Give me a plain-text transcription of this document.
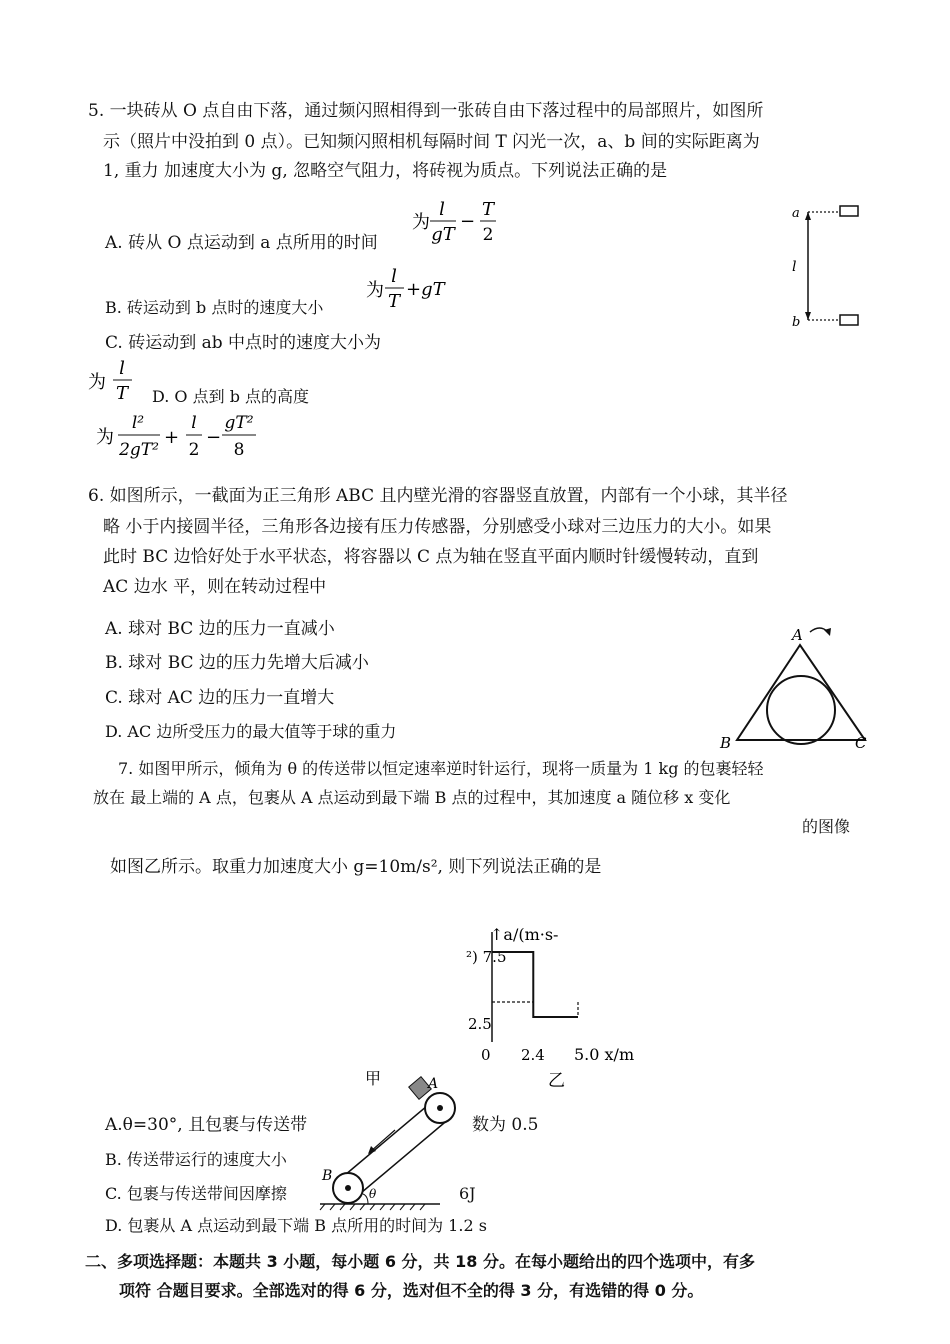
5. 一块砖从 O 点自由下落，通过频闪照相得到一张砖自由下落过程中的局部照片，如图所
示（照片中没拍到 0 点）。已知频闪照相机每隔时间 T 闪光一次，a、b 间的实际距离为
1, 重力 加速度大小为 g, 忽略空气阻力，将砖视为质点。下列说法正确的是
A. 砖从 O 点运动到 a 点所用的时间
为
l
gT
−
T
2
B. 砖运动到 b 点时的速度大小
为
l
T
+gT
C. 砖运动到 ab 中点时的速度大小为
为
l
T D. O 点到 b 点的高度
为
l²
2gT²
+
l
2
−
gT²
8
a
b
l
6. 如图所示，一截面为正三角形 ABC 且内壁光滑的容器竖直放置，内部有一个小球，其半径
略 小于内接圆半径，三角形各边接有压力传感器，分别感受小球对三边压力的大小。如果
此时 BC 边恰好处于水平状态，将容器以 C 点为轴在竖直平面内顺时针缓慢转动，直到
AC 边水 平，则在转动过程中
A. 球对 BC 边的压力一直减小
B. 球对 BC 边的压力先增大后减小
C. 球对 AC 边的压力一直增大
D. AC 边所受压力的最大值等于球的重力
A
B	C
7. 如图甲所示，倾角为 θ 的传送带以恒定速率逆时针运行，现将一质量为 1 kg 的包裹轻轻
放在 最上端的 A 点，包裹从 A 点运动到最下端 B 点的过程中，其加速度 a 随位移 x 变化
的图像
如图乙所示。取重力加速度大小 g=10m/s², 则下列说法正确的是
↑a/(m·s-
²) 7.5
2.5
0 2.4 5.0 x/m
乙
甲
θ
A
B
A.θ=30°, 且包裹与传送带	数为 0.5
B. 传送带运行的速度大小
C. 包裹与传送带间因摩擦	6J
D. 包裹从 A 点运动到最下端 B 点所用的时间为 1.2 s
二、多项选择题：本题共 3 小题，每小题 6 分，共 18 分。在每小题给出的四个选项中，有多
项符 合题目要求。全部选对的得 6 分，选对但不全的得 3 分，有选错的得 0 分。
